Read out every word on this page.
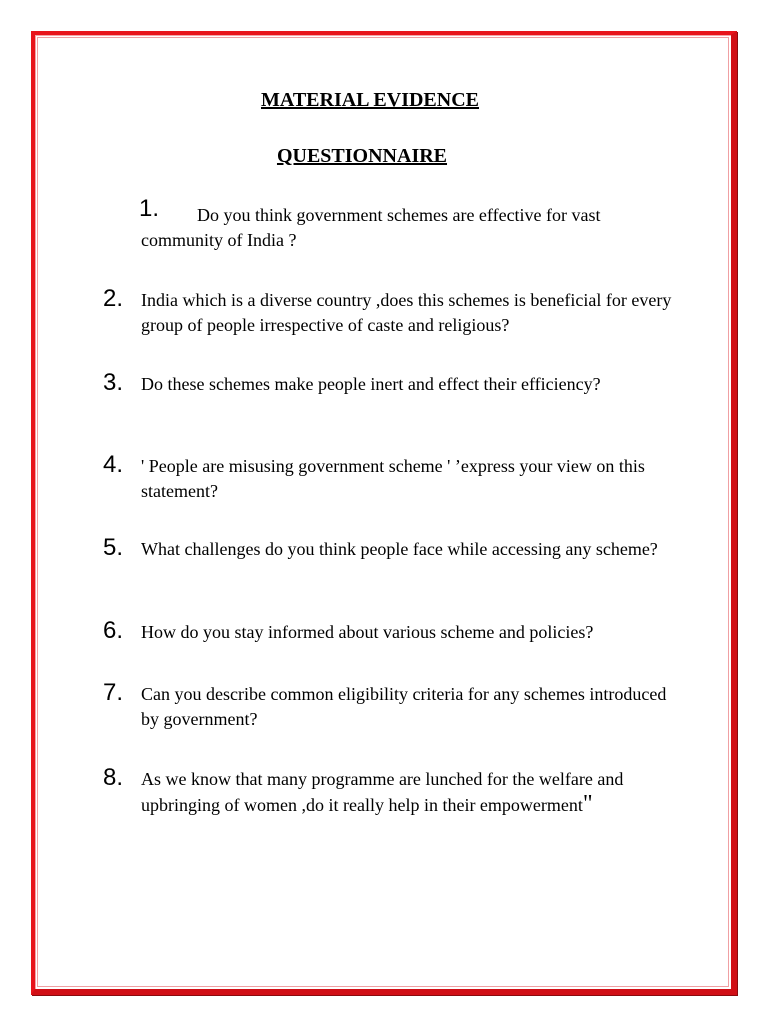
MATERIAL EVIDENCE
QUESTIONNAIRE
1.	Do you think government schemes are effective for vast community of India ?
2. India which is a diverse country ,does this schemes is beneficial for every group of people irrespective of caste and religious?
3. Do these schemes make people inert and effect their efficiency?
4. ' People are misusing government scheme ' ’express your view on this statement?
5. What challenges do you think people face while accessing any scheme?
6. How do you stay informed about various scheme and policies?
7. Can you describe common eligibility criteria for any schemes introduced by government?
8. As we know that many programme are lunched for the welfare and upbringing of women ,do it really help in their empowerment"
